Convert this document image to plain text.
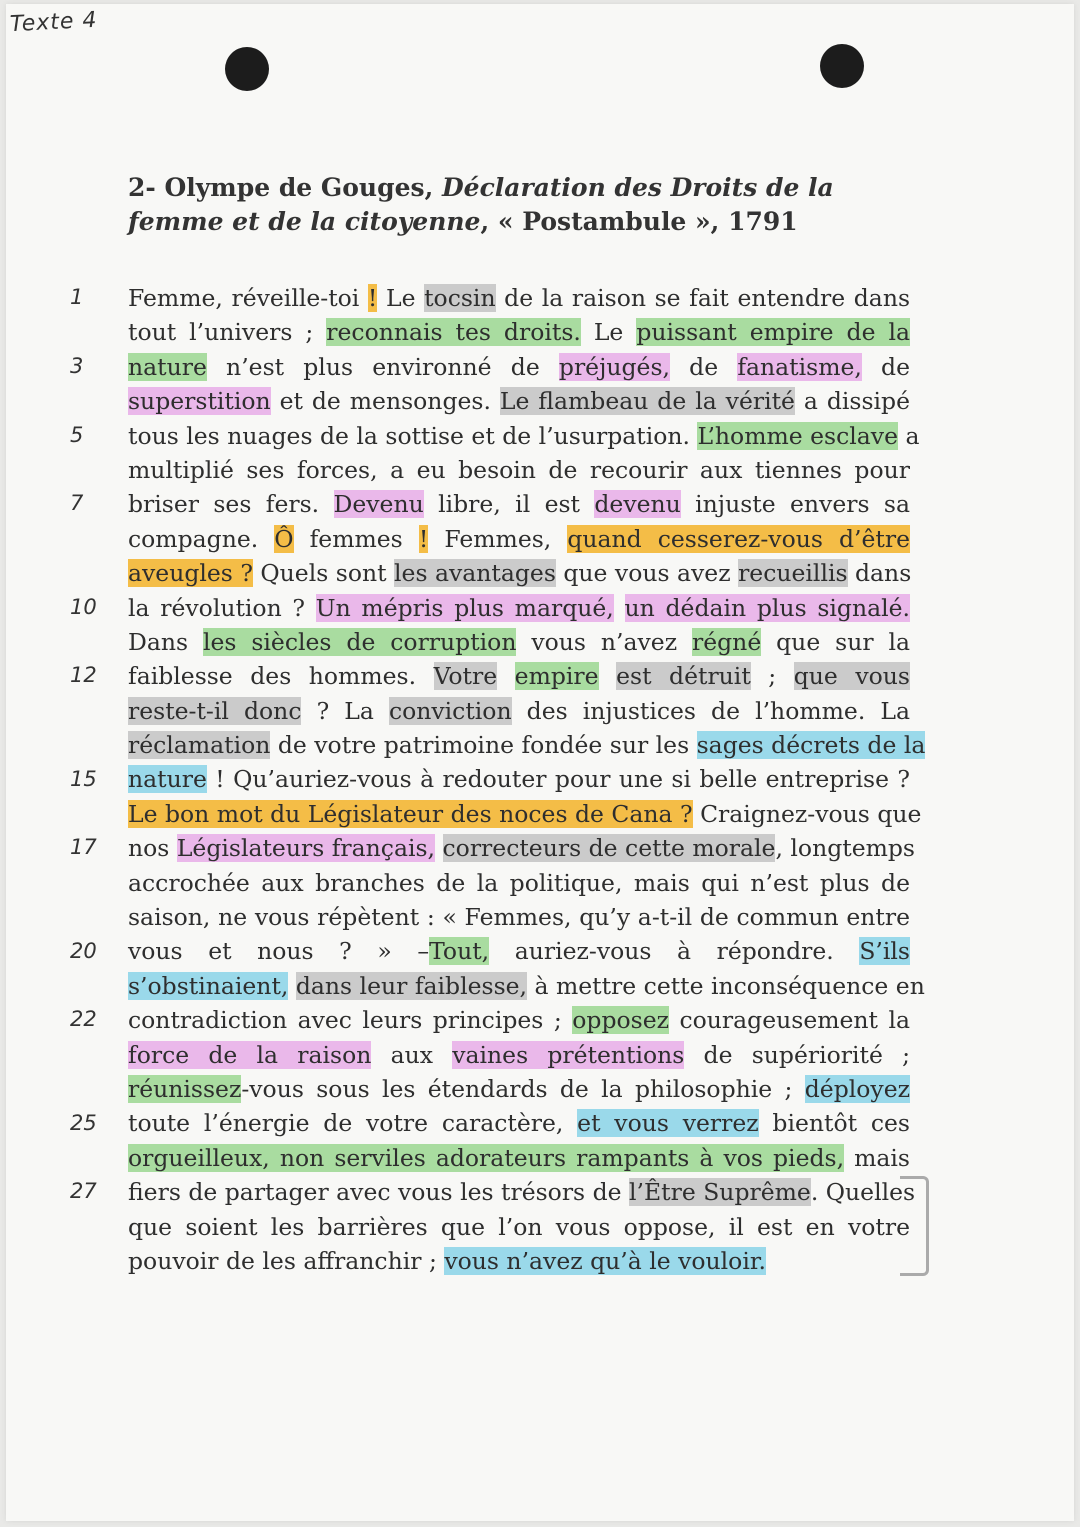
Texte 4
2- Olympe de Gouges, Déclaration des Droits de la femme et de la citoyenne, « Postambule », 1791
1
3
5
7
10
12
15
17
20
22
25
27
Femme, réveille-toi ! Le tocsin de la raison se fait entendre dans
tout l’univers ; reconnais tes droits. Le puissant empire de la
nature n’est plus environné de préjugés, de fanatisme, de
superstition et de mensonges. Le flambeau de la vérité a dissipé
tous les nuages de la sottise et de l’usurpation. L’homme esclave a
multiplié ses forces, a eu besoin de recourir aux tiennes pour
briser ses fers. Devenu libre, il est devenu injuste envers sa
compagne. Ô femmes ! Femmes, quand cesserez-vous d’être
aveugles ? Quels sont les avantages que vous avez recueillis dans
la révolution ? Un mépris plus marqué, un dédain plus signalé.
Dans les siècles de corruption vous n’avez régné que sur la
faiblesse des hommes. Votre empire est détruit ; que vous
reste-t-il donc ? La conviction des injustices de l’homme. La
réclamation de votre patrimoine fondée sur les sages décrets de la
nature ! Qu’auriez-vous à redouter pour une si belle entreprise ?
Le bon mot du Législateur des noces de Cana ? Craignez-vous que
nos Législateurs français, correcteurs de cette morale, longtemps
accrochée aux branches de la politique, mais qui n’est plus de
saison, ne vous répètent : « Femmes, qu’y a-t-il de commun entre
vous et nous ? » –Tout, auriez-vous à répondre. S’ils
s’obstinaient, dans leur faiblesse, à mettre cette inconséquence en
contradiction avec leurs principes ; opposez courageusement la
force de la raison aux vaines prétentions de supériorité ;
réunissez-vous sous les étendards de la philosophie ; déployez
toute l’énergie de votre caractère, et vous verrez bientôt ces
orgueilleux, non serviles adorateurs rampants à vos pieds, mais
fiers de partager avec vous les trésors de l’Être Suprême. Quelles
que soient les barrières que l’on vous oppose, il est en votre
pouvoir de les affranchir ; vous n’avez qu’à le vouloir.
